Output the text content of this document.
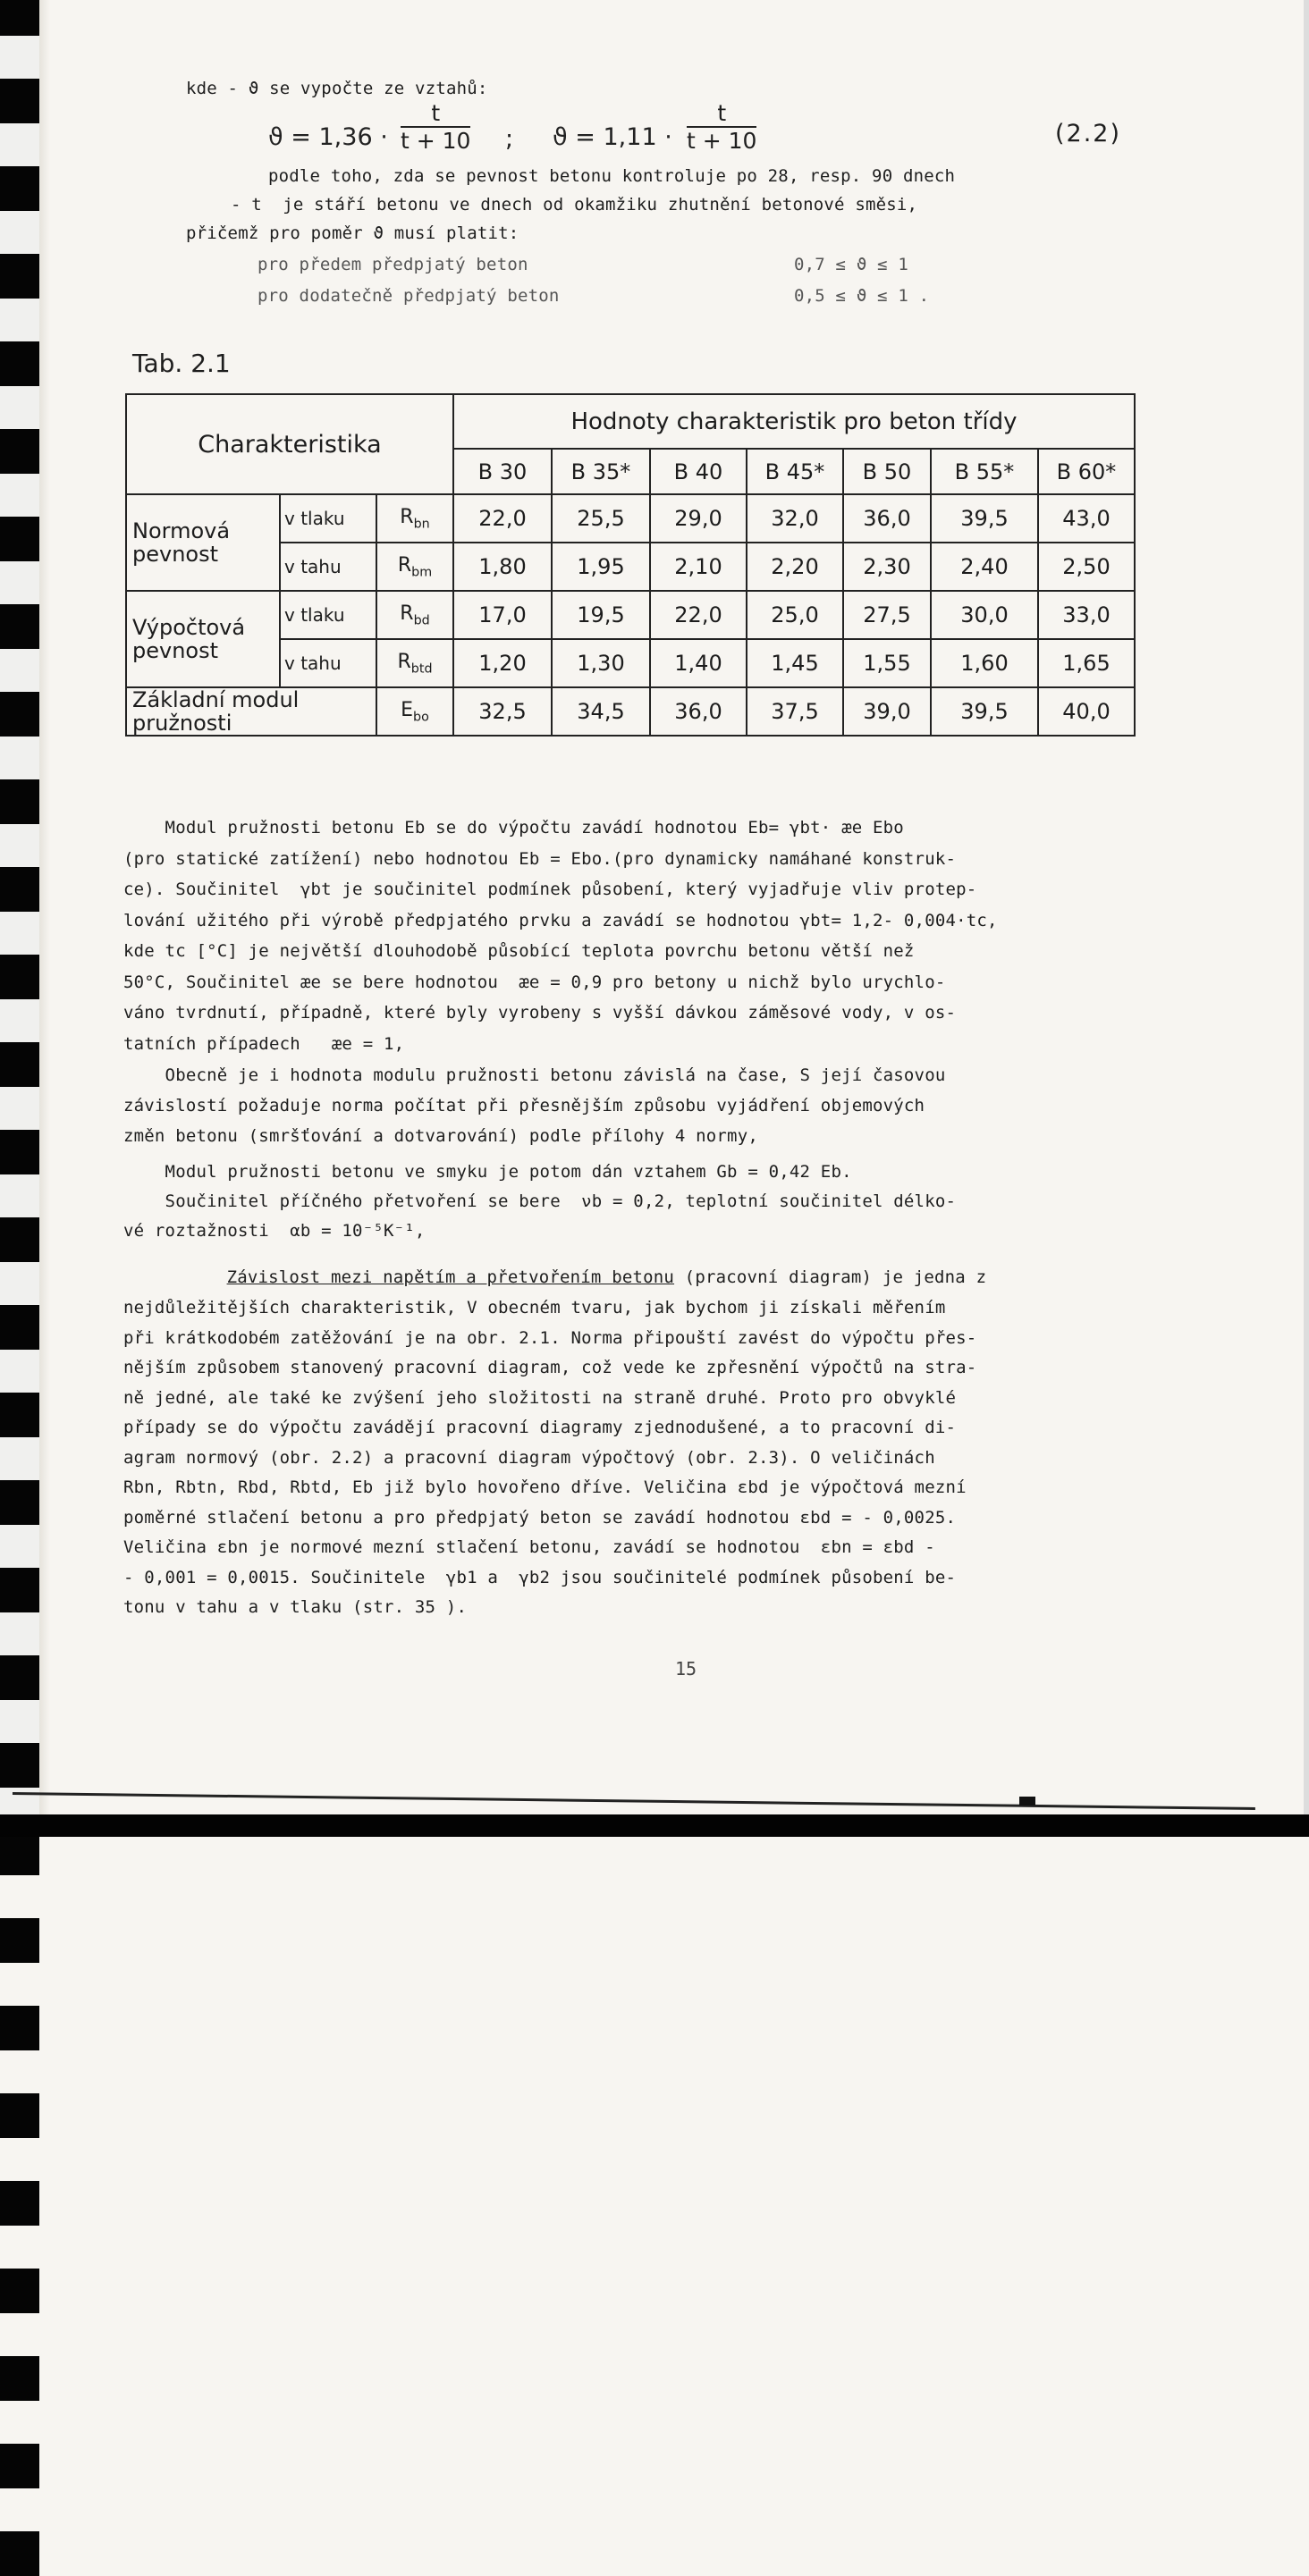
kde - ϑ se vypočte ze vztahů:
$ϑ = 1,36 \cdot \frac{t}{t + 10}$ ; $ϑ = 1,11 \cdot \frac{t}{t + 10}$	(2.2)
podle toho, zda se pevnost betonu kontroluje po 28, resp. 90 dnech
- t  je stáří betonu ve dnech od okamžiku zhutnění betonové směsi,
přičemž pro poměr ϑ musí platit:
pro předem předpjatý beton	0,7 ≤ ϑ ≤ 1
pro dodatečně předpjatý beton	0,5 ≤ ϑ ≤ 1 .
Tab. 2.1
Charakteristika			Hodnoty charakteristik pro beton třídy						
			B 30	B 35*	B 40	B 45*	B 50	B 55*	B 60*
Normová pevnost	v tlaku	$R_{bn}$	22,0	25,5	29,0	32,0	36,0	39,5	43,0
	v tahu	$R_{bm}$	1,80	1,95	2,10	2,20	2,30	2,40	2,50
Výpočtová pevnost	v tlaku	$R_{bd}$	17,0	19,5	22,0	25,0	27,5	30,0	33,0
	v tahu	$R_{btd}$	1,20	1,30	1,40	1,45	1,55	1,60	1,65
Základní modul pružnosti		$E_{bo}$	32,5	34,5	36,0	37,5	39,0	39,5	40,0
Modul pružnosti betonu Eb se do výpočtu zavádí hodnotou Eb= γbt· æe Ebo
(pro statické zatížení) nebo hodnotou Eb = Ebo.(pro dynamicky namáhané konstruk-
ce). Součinitel  γbt je součinitel podmínek působení, který vyjadřuje vliv protep-
lování užitého při výrobě předpjatého prvku a zavádí se hodnotou γbt= 1,2- 0,004·tc,
kde tc [°C] je největší dlouhodobě působící teplota povrchu betonu větší než
50°C, Součinitel æe se bere hodnotou  æe = 0,9 pro betony u nichž bylo urychlo-
váno tvrdnutí, případně, které byly vyrobeny s vyšší dávkou záměsové vody, v os-
tatních případech   æe = 1,
Obecně je i hodnota modulu pružnosti betonu závislá na čase, S její časovou
závislostí požaduje norma počítat při přesnějším způsobu vyjádření objemových
změn betonu (smršťování a dotvarování) podle přílohy 4 normy,
Modul pružnosti betonu ve smyku je potom dán vztahem Gb = 0,42 Eb.
Součinitel příčného přetvoření se bere  νb = 0,2, teplotní součinitel délko-
vé roztažnosti  αb = 10⁻⁵K⁻¹,
Závislost mezi napětím a přetvořením betonu (pracovní diagram) je jedna z
nejdůležitějších charakteristik, V obecném tvaru, jak bychom ji získali měřením
při krátkodobém zatěžování je na obr. 2.1. Norma připouští zavést do výpočtu přes-
nějším způsobem stanovený pracovní diagram, což vede ke zpřesnění výpočtů na stra-
ně jedné, ale také ke zvýšení jeho složitosti na straně druhé. Proto pro obvyklé
případy se do výpočtu zavádějí pracovní diagramy zjednodušené, a to pracovní di-
agram normový (obr. 2.2) a pracovní diagram výpočtový (obr. 2.3). O veličinách
Rbn, Rbtn, Rbd, Rbtd, Eb již bylo hovořeno dříve. Veličina εbd je výpočtová mezní
poměrné stlačení betonu a pro předpjatý beton se zavádí hodnotou εbd = - 0,0025.
Veličina εbn je normové mezní stlačení betonu, zavádí se hodnotou  εbn = εbd -
- 0,001 = 0,0015. Součinitele  γb1 a  γb2 jsou součinitelé podmínek působení be-
tonu v tahu a v tlaku (str. 35 ).
15
